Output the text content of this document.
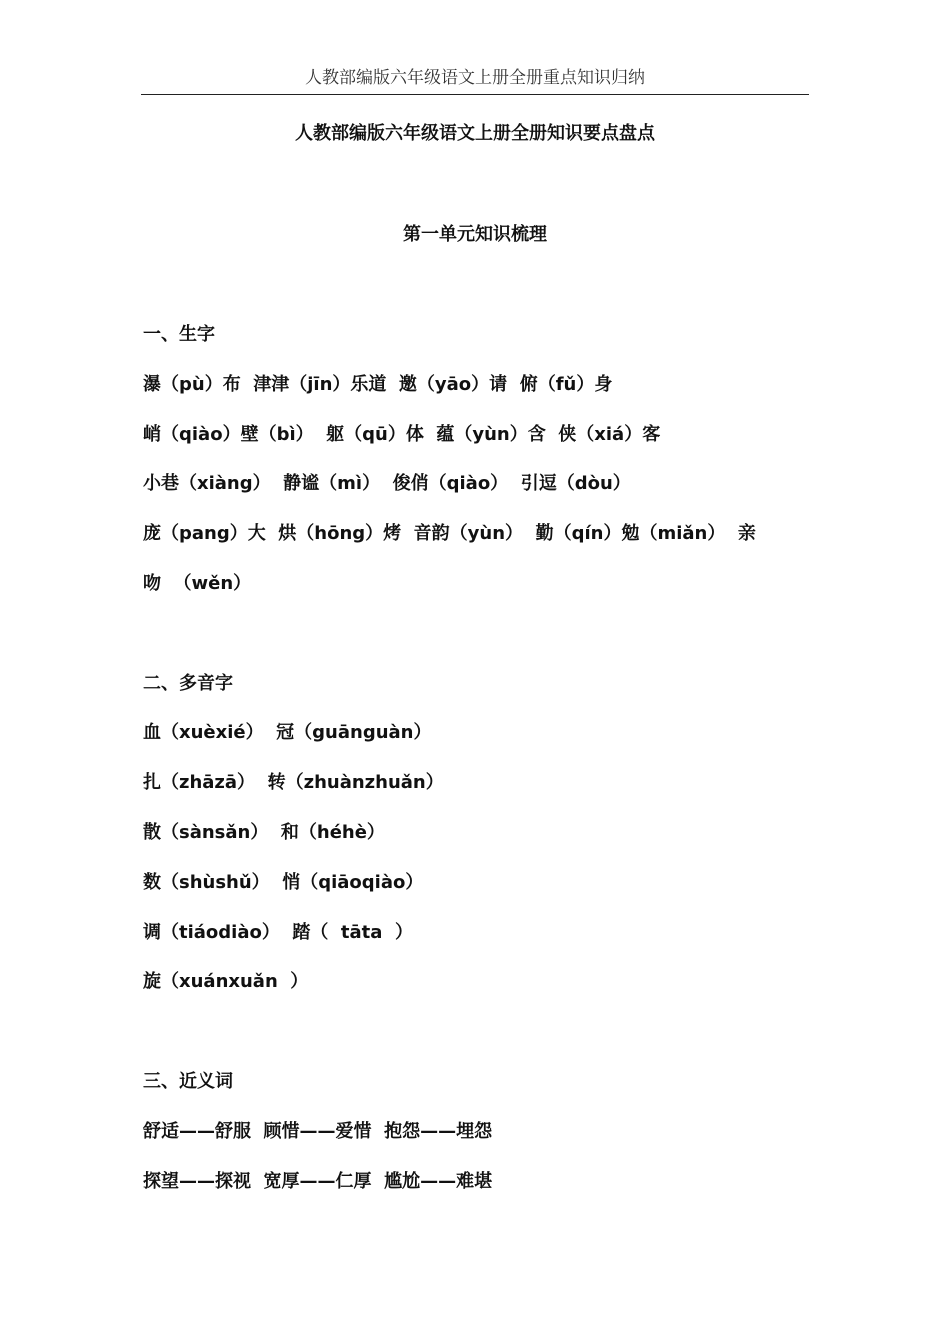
人教部编版六年级语文上册全册重点知识归纳
人教部编版六年级语文上册全册知识要点盘点
第一单元知识梳理
一、生字
瀑（pù）布  津津（jīn）乐道  邀（yāo）请  俯（fǔ）身
峭（qiào）壁（bì）  躯（qū）体  蕴（yùn）含  侠（xiá）客
小巷（xiàng）  静谧（mì）  俊俏（qiào）  引逗（dòu）
庞（pang）大  烘（hōng）烤  音韵（yùn）  勤（qín）勉（miǎn）  亲
吻  （wěn）
二、多音字
血（xuèxié）  冠（guānguàn）
扎（zhāzā）  转（zhuànzhuǎn）
散（sànsǎn）  和（héhè）
数（shùshǔ）  悄（qiāoqiào）
调（tiáodiào）  踏（  tāta  ）
旋（xuánxuǎn  ）
三、近义词
舒适——舒服  顾惜——爱惜  抱怨——埋怨
探望——探视  宽厚——仁厚  尴尬——难堪
